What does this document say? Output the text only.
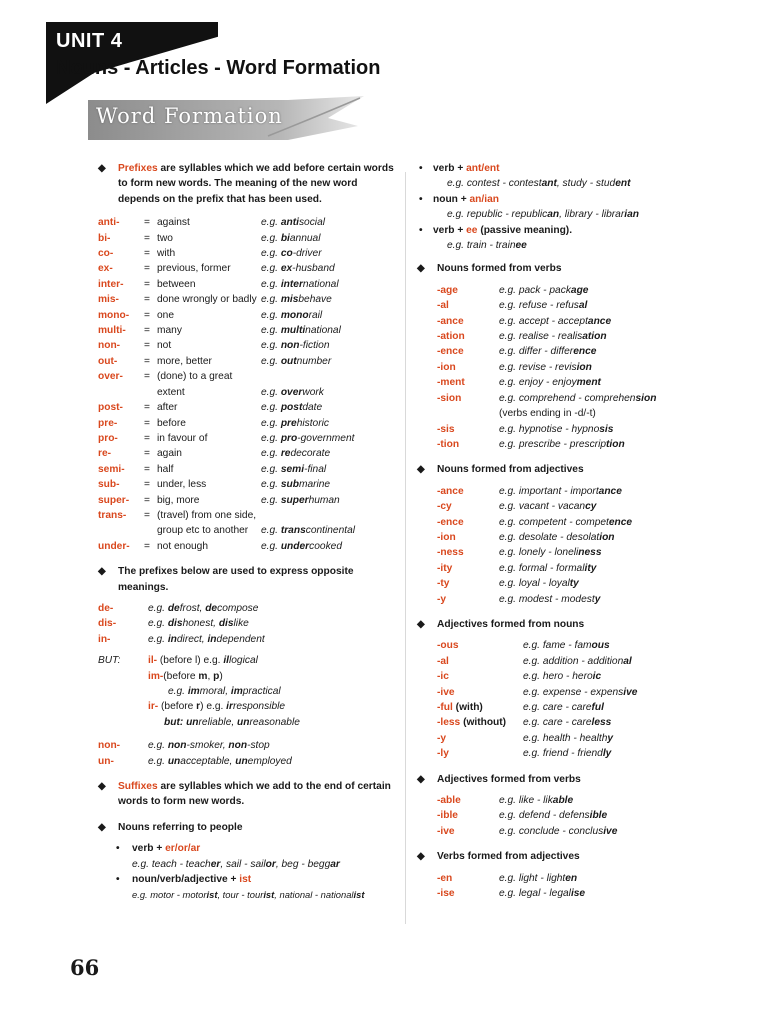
UNIT 4
Nouns - Articles - Word Formation
Word Formation

◆ Prefixes are syllables which we add before certain words to form new words. The meaning of the new word depends on the prefix that has been used.

anti-	= against	e.g. antisocial
bi-	= two	e.g. biannual
co-	= with	e.g. co-driver
ex-	= previous, former	e.g. ex-husband
inter-	= between	e.g. international
mis-	= done wrongly or badly e.g. misbehave
mono-	= one	e.g. monorail
multi-	= many	e.g. multinational
non-	= not	e.g. non-fiction
out-	= more, better	e.g. outnumber
over-	= (done) to a great extent	e.g. overwork
post-	= after	e.g. postdate
pre-	= before	e.g. prehistoric
pro-	= in favour of	e.g. pro-government
re-	= again	e.g. redecorate
semi-	= half	e.g. semi-final
sub-	= under, less	e.g. submarine
super-	= big, more	e.g. superhuman
trans-	= (travel) from one side, group etc to another	e.g. transcontinental
under-	= not enough	e.g. undercooked

◆ The prefixes below are used to express opposite meanings.

de-	e.g. defrost, decompose
dis-	e.g. dishonest, dislike
in-	e.g. indirect, independent
BUT:	il- (before l) e.g. illogical
im-(before m, p)
e.g. immoral, impractical
ir- (before r) e.g. irresponsible
but: unreliable, unreasonable
non-	e.g. non-smoker, non-stop
un-	e.g. unacceptable, unemployed

◆ Suffixes are syllables which we add to the end of certain words to form new words.

◆ Nouns referring to people

• verb + er/or/ar
e.g. teach - teacher, sail - sailor, beg - beggar
• noun/verb/adjective + ist
e.g. motor - motorist, tour - tourist, national - nationalist
• verb + ant/ent
e.g. contest - contestant, study - student
• noun + an/ian
e.g. republic - republican, library - librarian
• verb + ee (passive meaning).
e.g. train - trainee

◆ Nouns formed from verbs

-age	e.g. pack - package
-al	e.g. refuse - refusal
-ance	e.g. accept - acceptance
-ation	e.g. realise - realisation
-ence	e.g. differ - difference
-ion	e.g. revise - revision
-ment	e.g. enjoy - enjoyment
-sion	e.g. comprehend - comprehension
(verbs ending in -d/-t)
-sis	e.g. hypnotise - hypnosis
-tion	e.g. prescribe - prescription

◆ Nouns formed from adjectives

-ance	e.g. important - importance
-cy	e.g. vacant - vacancy
-ence	e.g. competent - competence
-ion	e.g. desolate - desolation
-ness	e.g. lonely - loneliness
-ity	e.g. formal - formality
-ty	e.g. loyal - loyalty
-y	e.g. modest - modesty

◆ Adjectives formed from nouns

-ous	e.g. fame - famous
-al	e.g. addition - additional
-ic	e.g. hero - heroic
-ive	e.g. expense - expensive
-ful (with)	e.g. care - careful
-less (without)	e.g. care - careless
-y	e.g. health - healthy
-ly	e.g. friend - friendly

◆ Adjectives formed from verbs

-able	e.g. like - likable
-ible	e.g. defend - defensible
-ive	e.g. conclude - conclusive

◆ Verbs formed from adjectives

-en	e.g. light - lighten
-ise	e.g. legal - legalise
66
